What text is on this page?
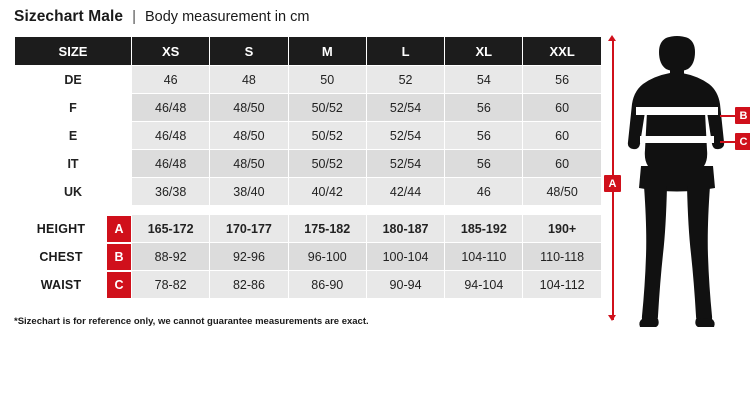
Sizechart Male | Body measurement in cm
SIZE	XS	S	M	L	XL	XXL
DE	46	48	50	52	54	56
F	46/48	48/50	50/52	52/54	56	60
E	46/48	48/50	50/52	52/54	56	60
IT	46/48	48/50	50/52	52/54	56	60
UK	36/38	38/40	40/42	42/44	46	48/50

HEIGHT A	165-172	170-177	175-182	180-187	185-192	190+

CHEST B	88-92	92-96	96-100	100-104	104-110	110-118

WAIST C	78-82	82-86	86-90	90-94	94-104	104-112
*Sizechart is for reference only, we cannot guarantee measurements are exact.
A
B
C
